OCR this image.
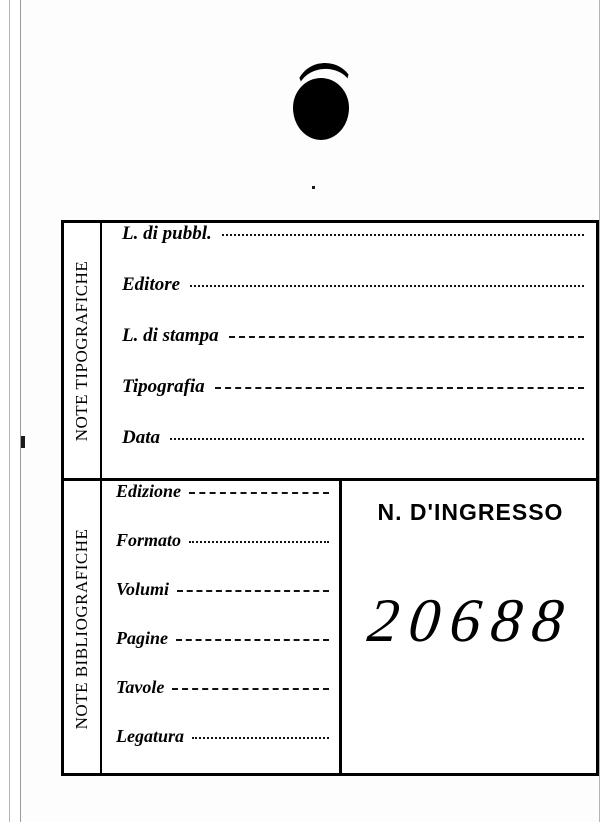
NOTE TIPOGRAFICHE
L. di pubbl.
Editore
L. di stampa
Tipografia
Data
NOTE BIBLIOGRAFICHE
Edizione
Formato
Volumi
Pagine
Tavole
Legatura
N. D'INGRESSO
20688
